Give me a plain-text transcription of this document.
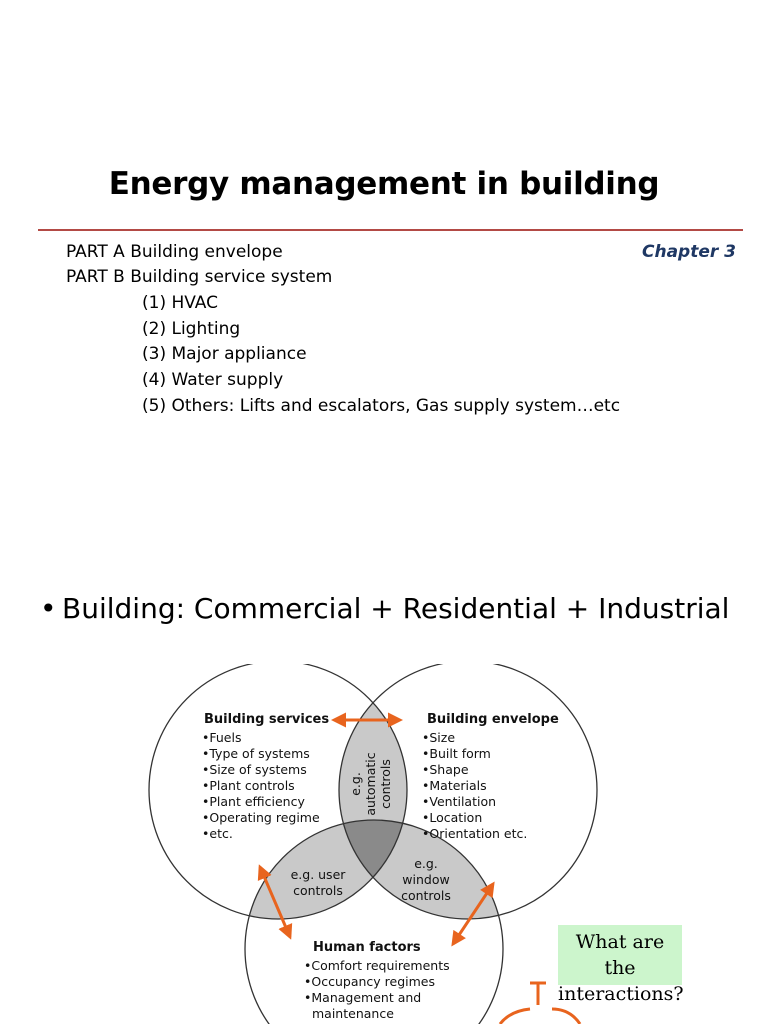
Energy management in building
Chapter 3
PART A Building envelope
PART B Building service system
(1) HVAC
(2) Lighting
(3) Major appliance
(4) Water supply
(5) Others: Lifts and escalators, Gas supply system…etc
• Building: Commercial + Residential + Industrial
Building services
•Fuels
•Type of systems
•Size of systems
•Plant controls
•Plant efficiency
•Operating regime
•etc.
Building envelope
•Size
•Built form
•Shape
•Materials
•Ventilation
•Location
•Orientation etc.
e.g. automatic controls
e.g. user
controls
e.g.
window
controls
Human factors
•Comfort requirements
•Occupancy regimes
•Management and
maintenance
What are the
interactions?
